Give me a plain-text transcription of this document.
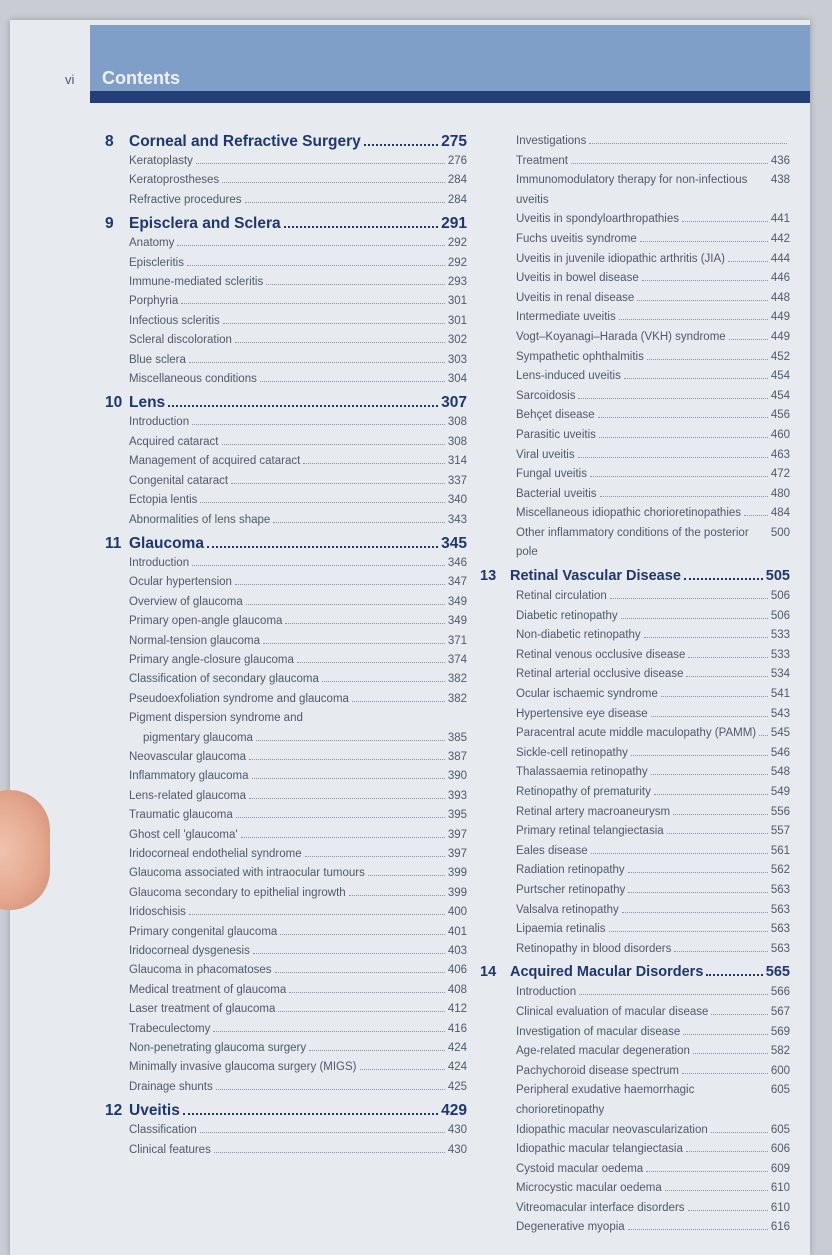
vi Contents
8 Corneal and Refractive Surgery	275
Keratoplasty	276
Keratoprostheses	284
Refractive procedures	284
9 Episclera and Sclera	291
Anatomy	292
Episcleritis	292
Immune-mediated scleritis	293
Porphyria	301
Infectious scleritis	301
Scleral discoloration	302
Blue sclera	303
Miscellaneous conditions	304
10 Lens	307
Introduction	308
Acquired cataract	308
Management of acquired cataract	314
Congenital cataract	337
Ectopia lentis	340
Abnormalities of lens shape	343
11 Glaucoma	345
Introduction	346
Ocular hypertension	347
Overview of glaucoma	349
Primary open-angle glaucoma	349
Normal-tension glaucoma	371
Primary angle-closure glaucoma	374
Classification of secondary glaucoma	382
Pseudoexfoliation syndrome and glaucoma	382
Pigment dispersion syndrome and
pigmentary glaucoma	385
Neovascular glaucoma	387
Inflammatory glaucoma	390
Lens-related glaucoma	393
Traumatic glaucoma	395
Ghost cell 'glaucoma'	397
Iridocorneal endothelial syndrome	397
Glaucoma associated with intraocular tumours	399
Glaucoma secondary to epithelial ingrowth	399
Iridoschisis	400
Primary congenital glaucoma	401
Iridocorneal dysgenesis	403
Glaucoma in phacomatoses	406
Medical treatment of glaucoma	408
Laser treatment of glaucoma	412
Trabeculectomy	416
Non-penetrating glaucoma surgery	424
Minimally invasive glaucoma surgery (MIGS)	424
Drainage shunts	425
12 Uveitis	429
Classification	430
Clinical features	430
Investigations
Treatment	436
Immunomodulatory therapy for non-infectious uveitis
438
Uveitis in spondyloarthropathies	441
Fuchs uveitis syndrome	442
Uveitis in juvenile idiopathic arthritis (JIA)	444
Uveitis in bowel disease	446
Uveitis in renal disease	448
Intermediate uveitis	449
Vogt–Koyanagi–Harada (VKH) syndrome	449
Sympathetic ophthalmitis	452
Lens-induced uveitis	454
Sarcoidosis	454
Behçet disease	456
Parasitic uveitis	460
Viral uveitis	463
Fungal uveitis	472
Bacterial uveitis	480
Miscellaneous idiopathic chorioretinopathies	484
Other inflammatory conditions of the posterior pole
500
13 Retinal Vascular Disease	505
Retinal circulation	506
Diabetic retinopathy	506
Non-diabetic retinopathy	533
Retinal venous occlusive disease	533
Retinal arterial occlusive disease	534
Ocular ischaemic syndrome	541
Hypertensive eye disease	543
Paracentral acute middle maculopathy (PAMM) 545
Sickle-cell retinopathy	546
Thalassaemia retinopathy	548
Retinopathy of prematurity	549
Retinal artery macroaneurysm	556
Primary retinal telangiectasia	557
Eales disease	561
Radiation retinopathy	562
Purtscher retinopathy	563
Valsalva retinopathy	563
Lipaemia retinalis	563
Retinopathy in blood disorders	563
14 Acquired Macular Disorders	565
Introduction	566
Clinical evaluation of macular disease	567
Investigation of macular disease	569
Age-related macular degeneration	582
Pachychoroid disease spectrum	600
Peripheral exudative haemorrhagic chorioretinopathy
605
Idiopathic macular neovascularization	605
Idiopathic macular telangiectasia	606
Cystoid macular oedema	609
Microcystic macular oedema	610
Vitreomacular interface disorders	610
Degenerative myopia	616
